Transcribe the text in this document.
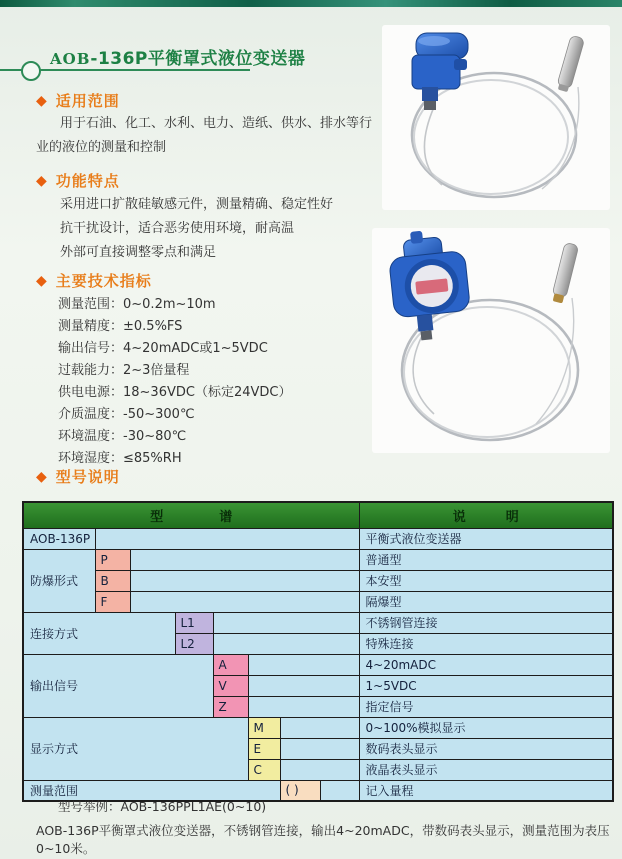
AOB-136P平衡罩式液位变送器
◆ 适用范围
用于石油、化工、水利、电力、造纸、供水、排水等行
业的液位的测量和控制
◆ 功能特点
采用进口扩散硅敏感元件，测量精确、稳定性好
抗干扰设计，适合恶劣使用环境，耐高温
外部可直接调整零点和满足
◆ 主要技术指标
测量范围：0~0.2m~10m
测量精度：±0.5%FS
输出信号：4~20mADC或1~5VDC
过载能力：2~3倍量程
供电电源：18~36VDC（标定24VDC）
介质温度：-50~300℃
环境温度：-30~80℃
环境湿度：≤85%RH
◆ 型号说明
型谱								说明
AOB-136P								平衡式液位变送器
防爆形式	P							普通型
	B							本安型
	F							隔爆型
连接方式			L1					不锈钢管连接
			L2					特殊连接
输出信号				A				4~20mADC
				V				1~5VDC
				Z				指定信号
显示方式					M			0~100%模拟显示
					E			数码表头显示
					C			液晶表头显示
测量范围						( )		记入量程
型号举例：AOB-136PPL1AE(0~10)
AOB-136P平衡罩式液位变送器，不锈钢管连接，输出4~20mADC，带数码表头显示，测量范围为表压0~10米。
